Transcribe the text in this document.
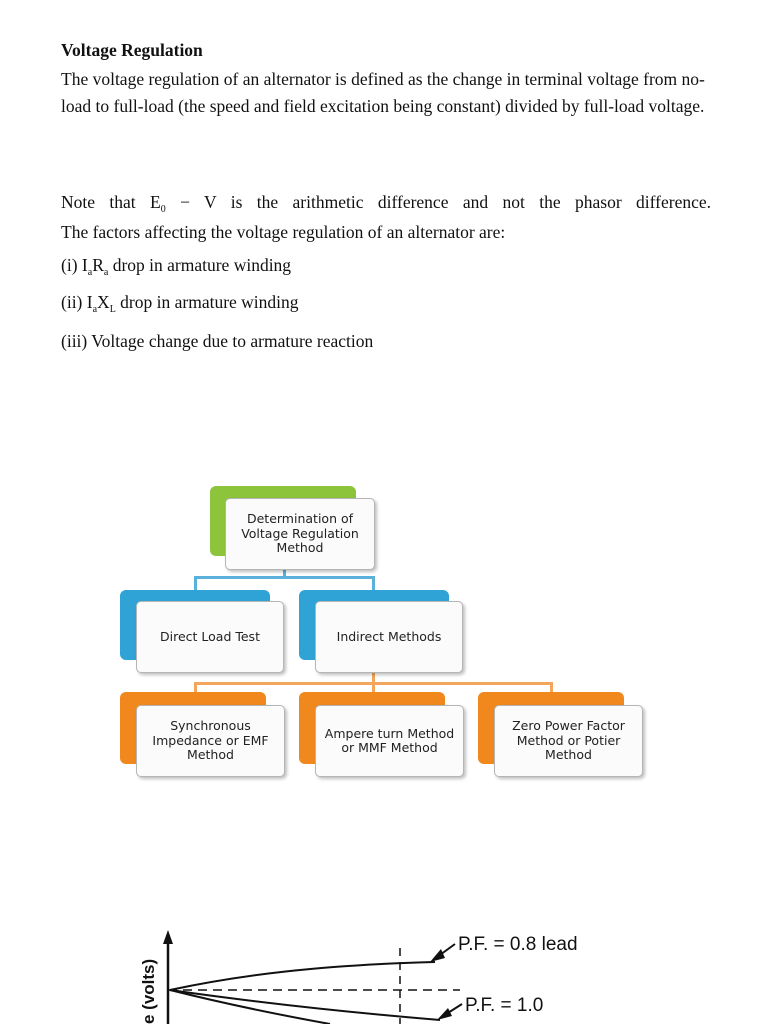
Voltage Regulation
The voltage regulation of an alternator is defined as the change in terminal voltage from no-load to full-load (the speed and field excitation being constant) divided by full-load voltage.
Note that $E_0 - V$ is the arithmetic difference and not the phasor difference.
The factors affecting the voltage regulation of an alternator are:
(i) $I_aR_a$ drop in armature winding
(ii) $I_aX_L$ drop in armature winding
(iii) Voltage change due to armature reaction
Determination of Voltage Regulation Method
Direct Load Test	Indirect Methods
Synchronous Impedance or EMF Method
Ampere turn Method or MMF Method
Zero Power Factor Method or Potier Method
e (volts)
P.F. = 0.8 lead
P.F. = 1.0
